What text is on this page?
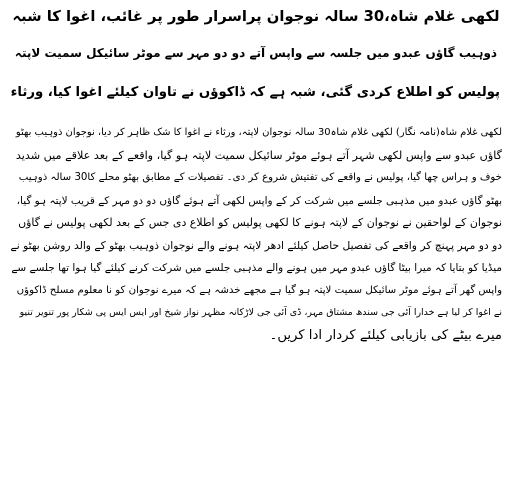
لکھی غلام شاہ،30 سالہ نوجوان پراسرار طور پر غائب، اغوا کا شبہ
ذوہیب گاؤں عبدو میں جلسہ سے واپس آتے دو دو مہر سے موٹر سائیکل سمیت لاپتہ
پولیس کو اطلاع کردی گئی، شبہ ہے کہ ڈاکوؤں نے تاوان کیلئے اغوا کیا، ورثاء
لکھی غلام شاہ(نامہ نگار) لکھی غلام شاہ30 سالہ نوجوان لاپتہ، ورثاء نے اغوا کا شک ظاہر کر دیا، نوجوان ذوہیب بھٹو
گاؤں عبدو سے واپس لکھی شہر آتے ہوئے موٹر سائیکل سمیت لاپتہ ہو گیا، واقعے کے بعد علاقے میں شدید
خوف و ہراس چھا گیا، پولیس نے واقعے کی تفتیش شروع کر دی۔ تفصیلات کے مطابق بھٹو محلے کا30 سالہ ذوہیب
بھٹو گاؤں عبدو میں مذہبی جلسے میں شرکت کر کے واپس لکھی آتے ہوئے گاؤں دو دو مہر کے قریب لاپتہ ہو گیا،
نوجوان کے لواحقین نے نوجوان کے لاپتہ ہونے کا لکھی پولیس کو اطلاع دی جس کے بعد لکھی پولیس نے گاؤں
دو دو مہر پہنچ کر واقعے کی تفصیل حاصل کیلئے ادھر لاپتہ ہونے والے نوجوان ذوہیب بھٹو کے والد روشن بھٹو نے
میڈیا کو بتایا کہ میرا بیٹا گاؤں عبدو مہر میں ہونے والے مذہبی جلسے میں شرکت کرنے کیلئے گیا ہوا تھا جلسے سے
واپس گھر آتے ہوئے موٹر سائیکل سمیت لاپتہ ہو گیا ہے مجھے خدشہ ہے کہ میرے نوجوان کو نا معلوم مسلح ڈاکوؤں
نے اغوا کر لیا ہے خدارا آئی جی سندھ مشتاق مہر، ڈی آئی جی لاڑکانہ مظہر نواز شیخ اور ایس ایس پی شکار پور تنویر تنیو
میرے بیٹے کی بازیابی کیلئے کردار ادا کریں۔
